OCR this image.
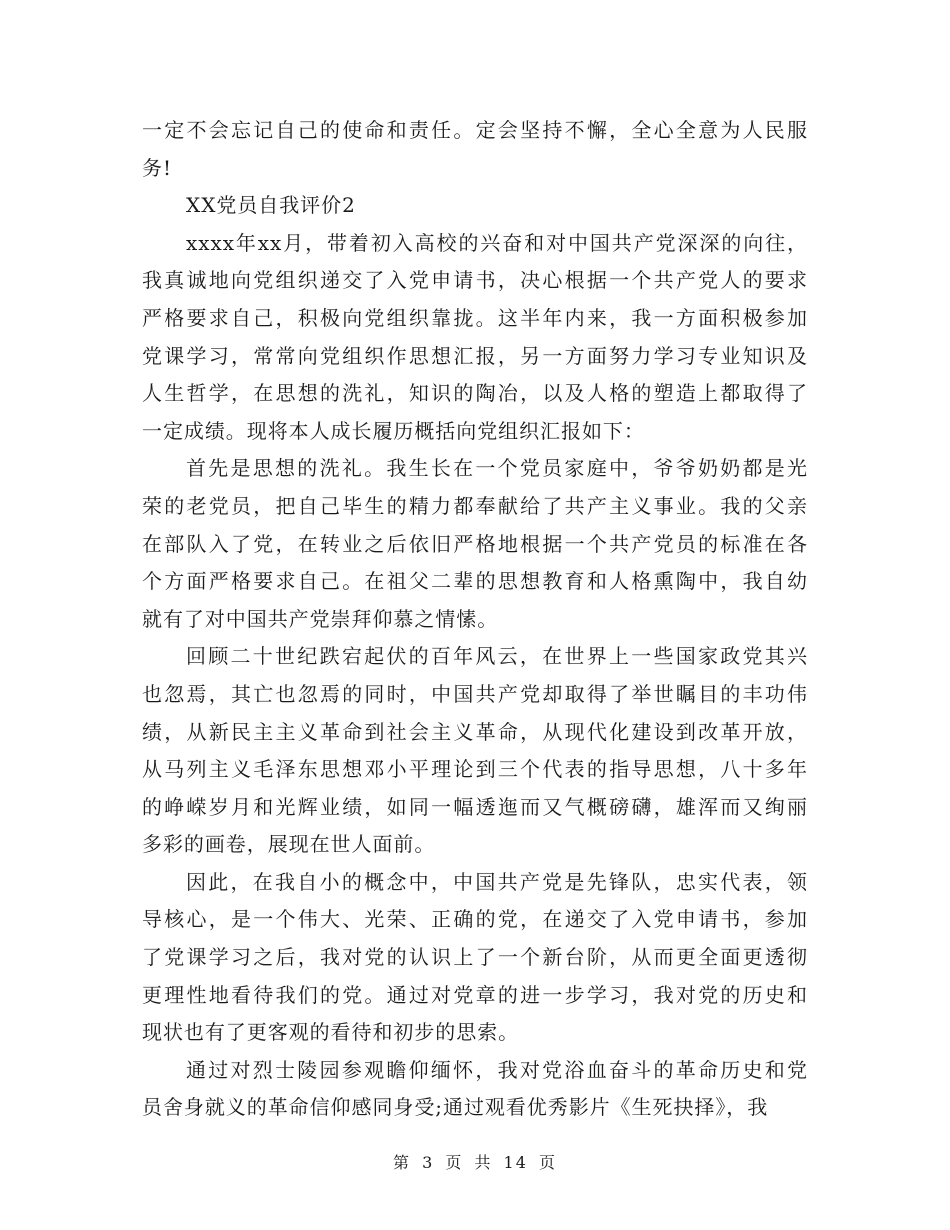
一定不会忘记自己的使命和责任。定会坚持不懈，全心全意为人民服
务!
XX党员自我评价2
xxxx年xx月，带着初入高校的兴奋和对中国共产党深深的向往，
我真诚地向党组织递交了入党申请书，决心根据一个共产党人的要求
严格要求自己，积极向党组织靠拢。这半年内来，我一方面积极参加
党课学习，常常向党组织作思想汇报，另一方面努力学习专业知识及
人生哲学，在思想的洗礼，知识的陶冶，以及人格的塑造上都取得了
一定成绩。现将本人成长履历概括向党组织汇报如下：
首先是思想的洗礼。我生长在一个党员家庭中，爷爷奶奶都是光
荣的老党员，把自己毕生的精力都奉献给了共产主义事业。我的父亲
在部队入了党，在转业之后依旧严格地根据一个共产党员的标准在各
个方面严格要求自己。在祖父二辈的思想教育和人格熏陶中，我自幼
就有了对中国共产党崇拜仰慕之情愫。
回顾二十世纪跌宕起伏的百年风云，在世界上一些国家政党其兴
也忽焉，其亡也忽焉的同时，中国共产党却取得了举世瞩目的丰功伟
绩，从新民主主义革命到社会主义革命，从现代化建设到改革开放，
从马列主义毛泽东思想邓小平理论到三个代表的指导思想，八十多年
的峥嵘岁月和光辉业绩，如同一幅透迤而又气概磅礴，雄浑而又绚丽
多彩的画卷，展现在世人面前。
因此，在我自小的概念中，中国共产党是先锋队，忠实代表，领
导核心，是一个伟大、光荣、正确的党，在递交了入党申请书，参加
了党课学习之后，我对党的认识上了一个新台阶，从而更全面更透彻
更理性地看待我们的党。通过对党章的进一步学习，我对党的历史和
现状也有了更客观的看待和初步的思索。
通过对烈士陵园参观瞻仰缅怀，我对党浴血奋斗的革命历史和党
员舍身就义的革命信仰感同身受;通过观看优秀影片《生死抉择》，我
第 3 页 共 14 页
